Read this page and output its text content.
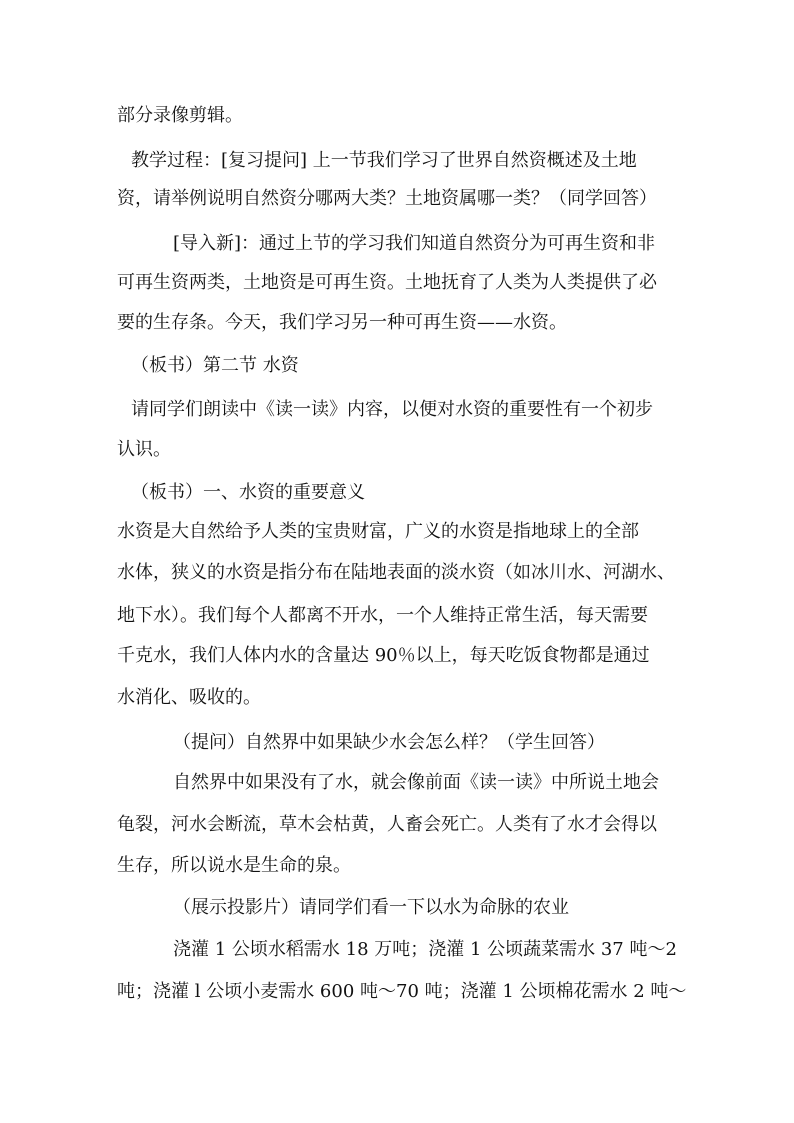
部分录像剪辑。
教学过程：[复习提问] 上一节我们学习了世界自然资概述及土地
资，请举例说明自然资分哪两大类？土地资属哪一类？（同学回答）
[导入新]：通过上节的学习我们知道自然资分为可再生资和非
可再生资两类，土地资是可再生资。土地抚育了人类为人类提供了必
要的生存条。今天，我们学习另一种可再生资——水资。
（板书）第二节 水资
请同学们朗读中《读一读》内容，以便对水资的重要性有一个初步
认识。
（板书）一、水资的重要意义
水资是大自然给予人类的宝贵财富，广义的水资是指地球上的全部
水体，狭义的水资是指分布在陆地表面的淡水资（如冰川水、河湖水、
地下水）。我们每个人都离不开水，一个人维持正常生活，每天需要
千克水，我们人体内水的含量达 90％以上，每天吃饭食物都是通过
水消化、吸收的。
（提问）自然界中如果缺少水会怎么样？（学生回答）
自然界中如果没有了水，就会像前面《读一读》中所说土地会
龟裂，河水会断流，草木会枯黄，人畜会死亡。人类有了水才会得以
生存，所以说水是生命的泉。
（展示投影片）请同学们看一下以水为命脉的农业
浇灌 1 公顷水稻需水 18 万吨；浇灌 1 公顷蔬菜需水 37 吨～2
吨；浇灌 l 公顷小麦需水 600 吨～70 吨；浇灌 1 公顷棉花需水 2 吨～
